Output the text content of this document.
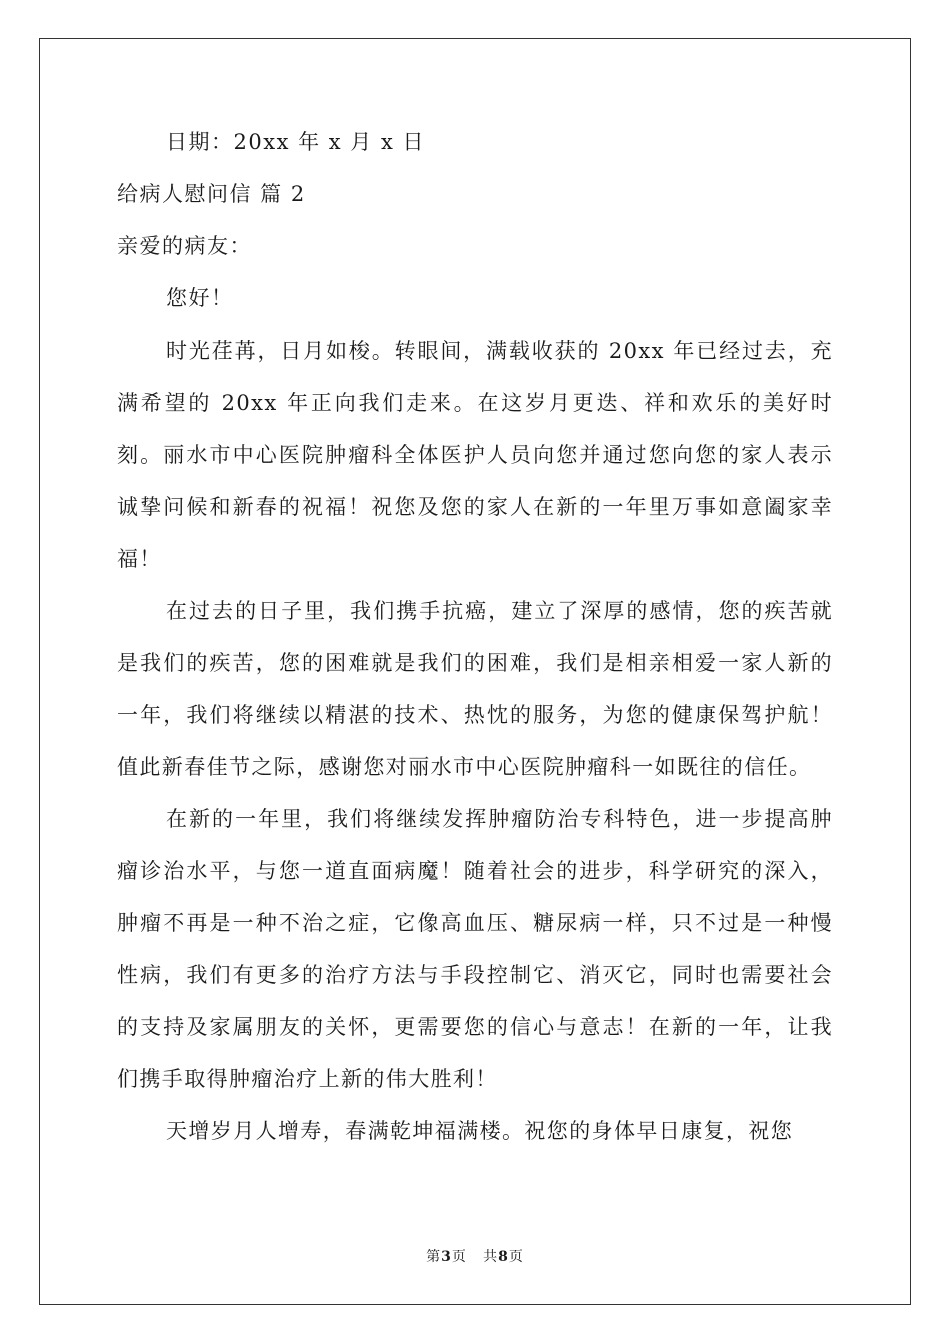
日期：20xx 年 x 月 x 日
给病人慰问信 篇 2
亲爱的病友：
您好！

时光荏苒，日月如梭。转眼间，满载收获的 20xx 年已经过去，充满希望的 20xx 年正向我们走来。在这岁月更迭、祥和欢乐的美好时刻。丽水市中心医院肿瘤科全体医护人员向您并通过您向您的家人表示诚挚问候和新春的祝福！祝您及您的家人在新的一年里万事如意阖家幸福！

在过去的日子里，我们携手抗癌，建立了深厚的感情，您的疾苦就是我们的疾苦，您的困难就是我们的困难，我们是相亲相爱一家人新的一年，我们将继续以精湛的技术、热忱的服务，为您的健康保驾护航！值此新春佳节之际，感谢您对丽水市中心医院肿瘤科一如既往的信任。

在新的一年里，我们将继续发挥肿瘤防治专科特色，进一步提高肿瘤诊治水平，与您一道直面病魔！随着社会的进步，科学研究的深入，肿瘤不再是一种不治之症，它像高血压、糖尿病一样，只不过是一种慢性病，我们有更多的治疗方法与手段控制它、消灭它，同时也需要社会的支持及家属朋友的关怀，更需要您的信心与意志！在新的一年，让我们携手取得肿瘤治疗上新的伟大胜利！

天增岁月人增寿，春满乾坤福满楼。祝您的身体早日康复，祝您

第3页 共8页
